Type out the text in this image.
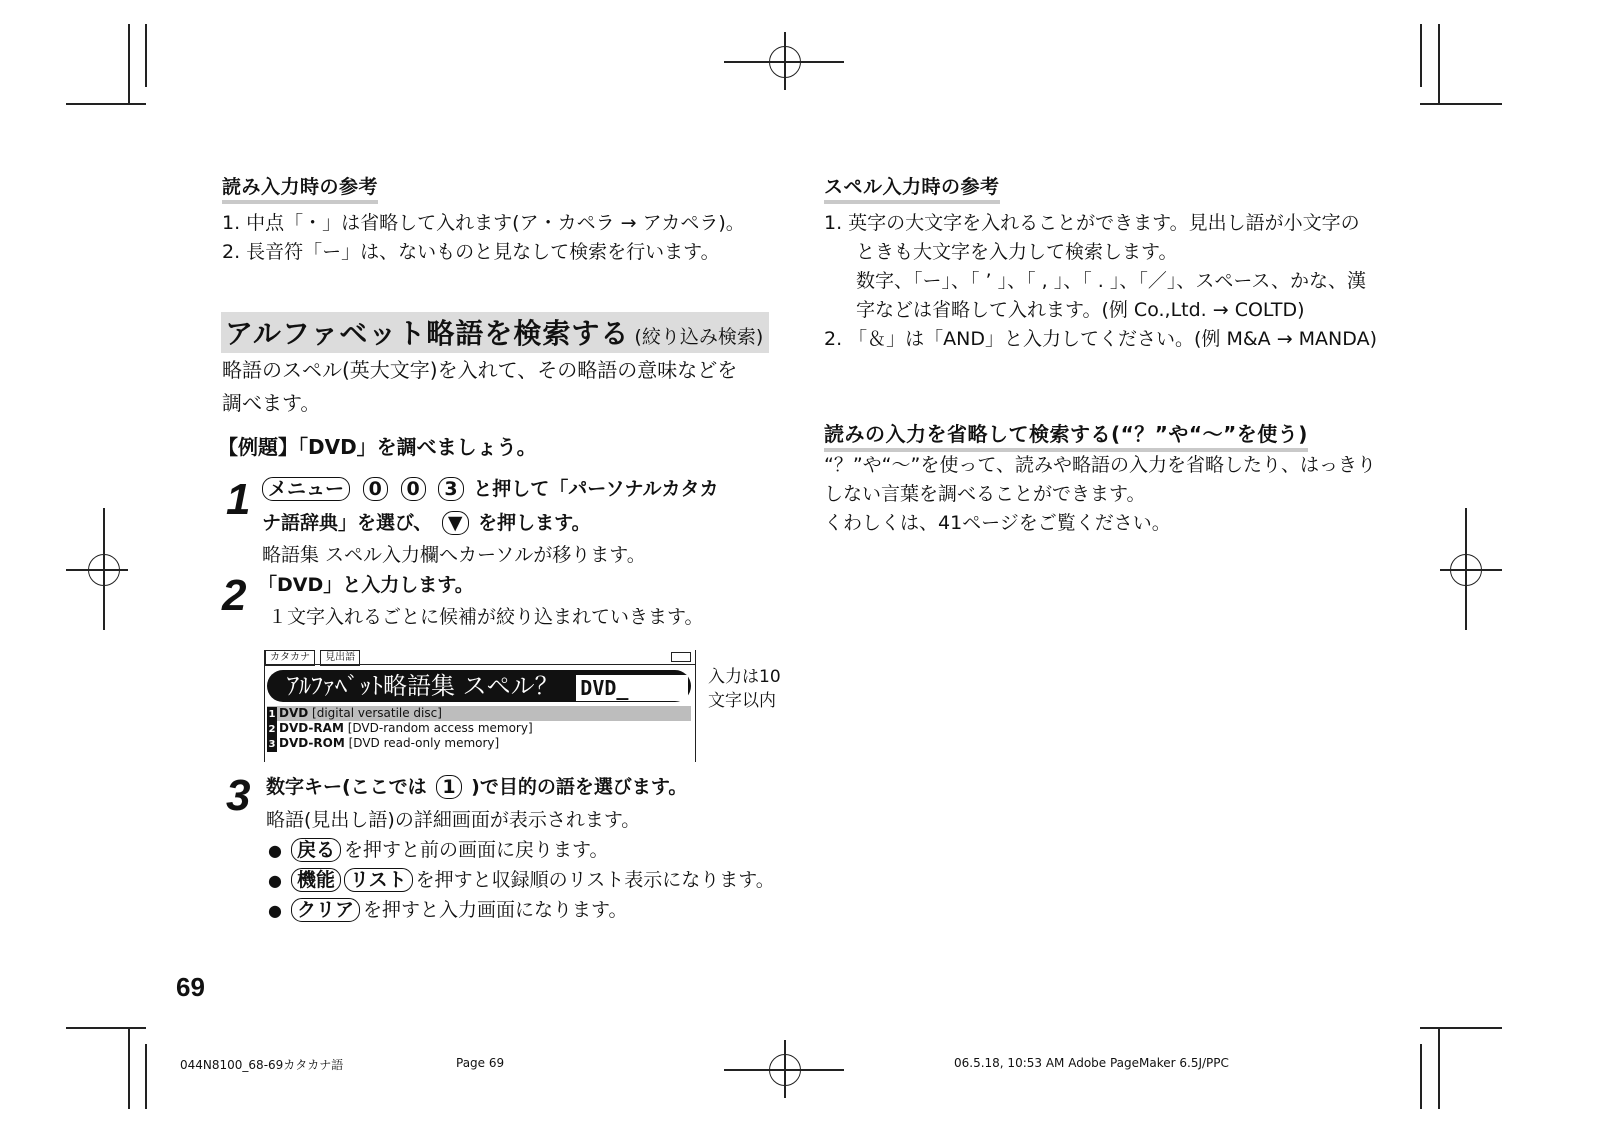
読み入力時の参考
1. 中点「・」は省略して入れます(ア・カペラ → アカペラ)。
2. 長音符「ー」は、ないものと見なして検索を行います。
アルファベット略語を検索する (絞り込み検索)
略語のスペル(英大文字)を入れて、その略語の意味などを
調べます。
【例題】「DVD」を調べましょう。
1 メニュー 0 0 3 と押して「パーソナルカタカ
ナ語辞典」を選び、 ▼ を押します。
略語集 スペル入力欄へカーソルが移ります。
2 「DVD」と入力します。
１文字入れるごとに候補が絞り込まれていきます。
カタカナ 見出語
ｱﾙﾌｧﾍﾞｯﾄ略語集 スペル？ DVD_
1 DVD [digital versatile disc]
2 DVD-RAM [DVD-random access memory]
3 DVD-ROM [DVD read-only memory]
入力は10
文字以内
3 数字キー(ここでは 1 )で目的の語を選びます。
略語(見出し語)の詳細画面が表示されます。
● 戻る を押すと前の画面に戻ります。
● 機能 リスト を押すと収録順のリスト表示になります。
● クリア を押すと入力画面になります。
スペル入力時の参考
1. 英字の大文字を入れることができます。見出し語が小文字の
ときも大文字を入力して検索します。
数字、「ー」、「 ’ 」、「 , 」、「 . 」、「／」、スペース、かな、漢
字などは省略して入れます。(例 Co.,Ltd. → COLTD)
2. 「＆」は「AND」と入力してください。(例 M&A → MANDA)
読みの入力を省略して検索する(“？”や“～”を使う)
“？”や“～”を使って、読みや略語の入力を省略したり、はっきり
しない言葉を調べることができます。
くわしくは、41ページをご覧ください。
69
044N8100_68-69カタカナ語	Page 69	06.5.18, 10:53 AM Adobe PageMaker 6.5J/PPC
